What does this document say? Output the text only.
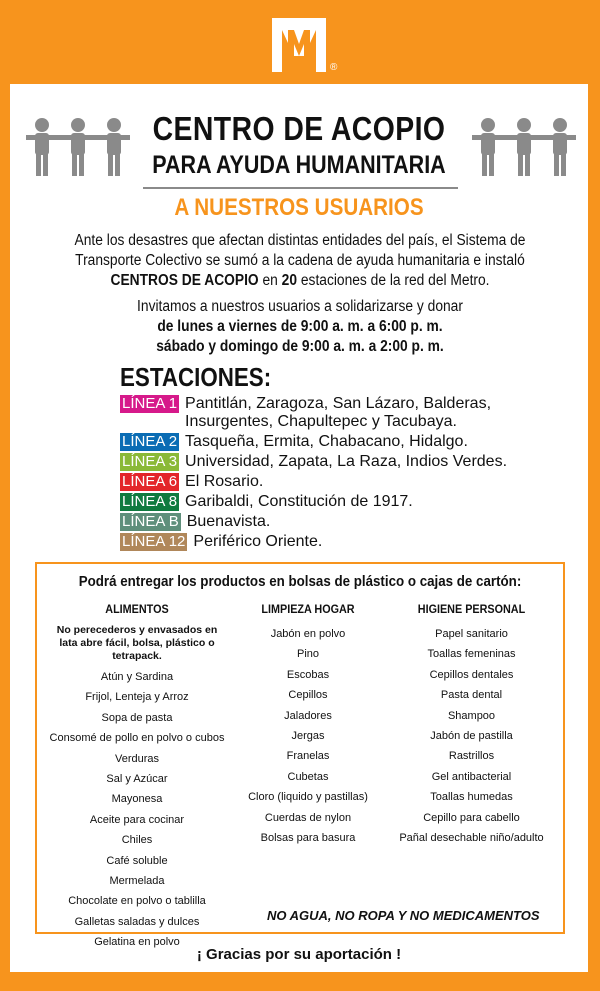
®
CENTRO DE ACOPIO
PARA AYUDA HUMANITARIA
A NUESTROS USUARIOS
Ante los desastres que afectan distintas entidades del país, el Sistema de Transporte Colectivo se sumó a la cadena de ayuda humanitaria e instaló CENTROS DE ACOPIO en 20 estaciones de la red del Metro.
Invitamos a nuestros usuarios a solidarizarse y donar
de lunes a viernes de 9:00 a. m. a 6:00 p. m.
sábado y domingo de 9:00 a. m. a 2:00 p. m.
ESTACIONES:
LÍNEA 1 Pantitlán, Zaragoza, San Lázaro, Balderas,
Insurgentes, Chapultepec y Tacubaya.
LÍNEA 2 Tasqueña, Ermita, Chabacano, Hidalgo.
LÍNEA 3 Universidad, Zapata, La Raza, Indios Verdes.
LÍNEA 6 El Rosario.
LÍNEA 8 Garibaldi, Constitución de 1917.
LÍNEA B Buenavista.
LÍNEA 12 Periférico Oriente.
Podrá entregar los productos en bolsas de plástico o cajas de cartón:
ALIMENTOS

No perecederos y envasados en lata abre fácil, bolsa, plástico o tetrapack.

Atún y Sardina
Frijol, Lenteja y Arroz
Sopa de pasta
Consomé de pollo en polvo o cubos
Verduras
Sal y Azúcar
Mayonesa
Aceite para cocinar
Chiles
Café soluble
Mermelada
Chocolate en polvo o tablilla
Galletas saladas y dulces
Gelatina en polvo
LIMPIEZA HOGAR
Jabón en polvo
Pino
Escobas
Cepillos
Jaladores
Jergas
Franelas
Cubetas
Cloro (liquido y pastillas)
Cuerdas de nylon
Bolsas para basura
HIGIENE PERSONAL
Papel sanitario
Toallas femeninas
Cepillos dentales
Pasta dental
Shampoo
Jabón de pastilla
Rastrillos
Gel antibacterial
Toallas humedas
Cepillo para cabello
Pañal desechable niño/adulto
NO AGUA, NO ROPA Y NO MEDICAMENTOS
¡ Gracias por su aportación !
